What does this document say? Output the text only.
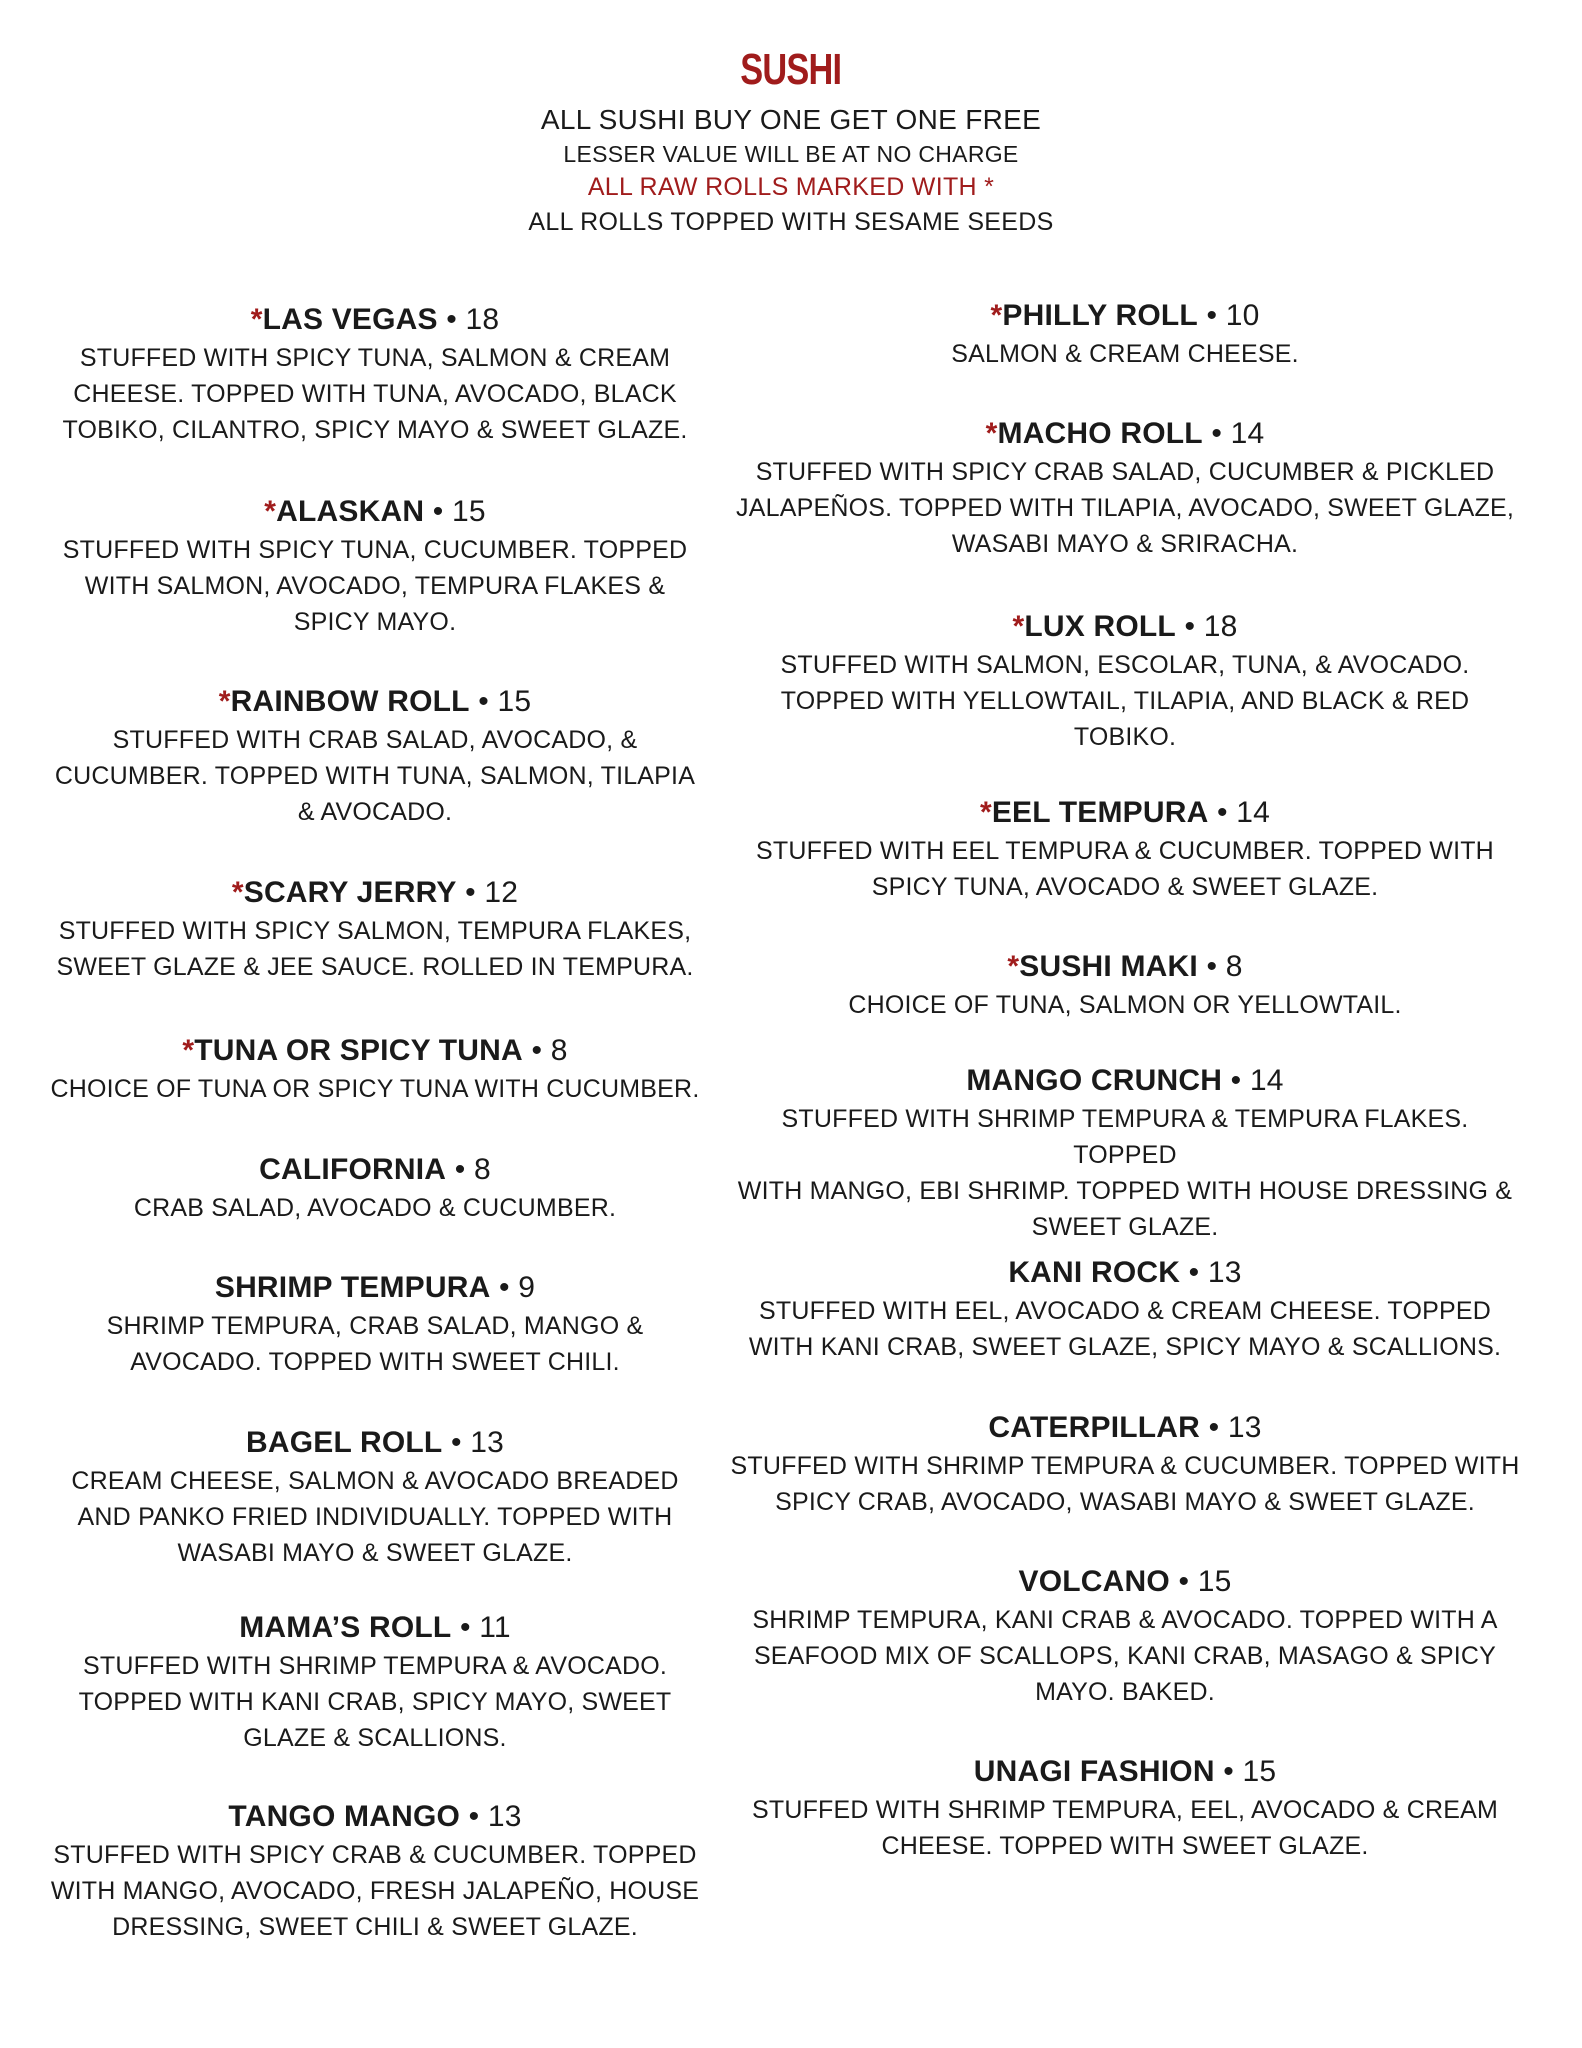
SUSHI
ALL SUSHI BUY ONE GET ONE FREE
LESSER VALUE WILL BE AT NO CHARGE
ALL RAW ROLLS MARKED WITH *
ALL ROLLS TOPPED WITH SESAME SEEDS
*LAS VEGAS • 18
STUFFED WITH SPICY TUNA, SALMON & CREAM
CHEESE. TOPPED WITH TUNA, AVOCADO, BLACK
TOBIKO, CILANTRO, SPICY MAYO & SWEET GLAZE.
*ALASKAN • 15
STUFFED WITH SPICY TUNA, CUCUMBER. TOPPED
WITH SALMON, AVOCADO, TEMPURA FLAKES &
SPICY MAYO.
*RAINBOW ROLL • 15
STUFFED WITH CRAB SALAD, AVOCADO, &
CUCUMBER. TOPPED WITH TUNA, SALMON, TILAPIA
& AVOCADO.
*SCARY JERRY • 12
STUFFED WITH SPICY SALMON, TEMPURA FLAKES,
SWEET GLAZE & JEE SAUCE. ROLLED IN TEMPURA.
*TUNA OR SPICY TUNA • 8
CHOICE OF TUNA OR SPICY TUNA WITH CUCUMBER.
CALIFORNIA • 8
CRAB SALAD, AVOCADO & CUCUMBER.
SHRIMP TEMPURA • 9
SHRIMP TEMPURA, CRAB SALAD, MANGO &
AVOCADO. TOPPED WITH SWEET CHILI.
BAGEL ROLL • 13
CREAM CHEESE, SALMON & AVOCADO BREADED
AND PANKO FRIED INDIVIDUALLY. TOPPED WITH
WASABI MAYO & SWEET GLAZE.
MAMA’S ROLL • 11
STUFFED WITH SHRIMP TEMPURA & AVOCADO.
TOPPED WITH KANI CRAB, SPICY MAYO, SWEET
GLAZE & SCALLIONS.
TANGO MANGO • 13
STUFFED WITH SPICY CRAB & CUCUMBER. TOPPED
WITH MANGO, AVOCADO, FRESH JALAPEÑO, HOUSE
DRESSING, SWEET CHILI & SWEET GLAZE.
*PHILLY ROLL • 10
SALMON & CREAM CHEESE.
*MACHO ROLL • 14
STUFFED WITH SPICY CRAB SALAD, CUCUMBER & PICKLED
JALAPEÑOS. TOPPED WITH TILAPIA, AVOCADO, SWEET GLAZE,
WASABI MAYO & SRIRACHA.
*LUX ROLL • 18
STUFFED WITH SALMON, ESCOLAR, TUNA, & AVOCADO.
TOPPED WITH YELLOWTAIL, TILAPIA, AND BLACK & RED
TOBIKO.
*EEL TEMPURA • 14
STUFFED WITH EEL TEMPURA & CUCUMBER. TOPPED WITH
SPICY TUNA, AVOCADO & SWEET GLAZE.
*SUSHI MAKI • 8
CHOICE OF TUNA, SALMON OR YELLOWTAIL.
MANGO CRUNCH • 14
STUFFED WITH SHRIMP TEMPURA & TEMPURA FLAKES. TOPPED
WITH MANGO, EBI SHRIMP. TOPPED WITH HOUSE DRESSING &
SWEET GLAZE.
KANI ROCK • 13
STUFFED WITH EEL, AVOCADO & CREAM CHEESE. TOPPED
WITH KANI CRAB, SWEET GLAZE, SPICY MAYO & SCALLIONS.
CATERPILLAR • 13
STUFFED WITH SHRIMP TEMPURA & CUCUMBER. TOPPED WITH
SPICY CRAB, AVOCADO, WASABI MAYO & SWEET GLAZE.
VOLCANO • 15
SHRIMP TEMPURA, KANI CRAB & AVOCADO. TOPPED WITH A
SEAFOOD MIX OF SCALLOPS, KANI CRAB, MASAGO & SPICY
MAYO. BAKED.
UNAGI FASHION • 15
STUFFED WITH SHRIMP TEMPURA, EEL, AVOCADO & CREAM
CHEESE. TOPPED WITH SWEET GLAZE.
